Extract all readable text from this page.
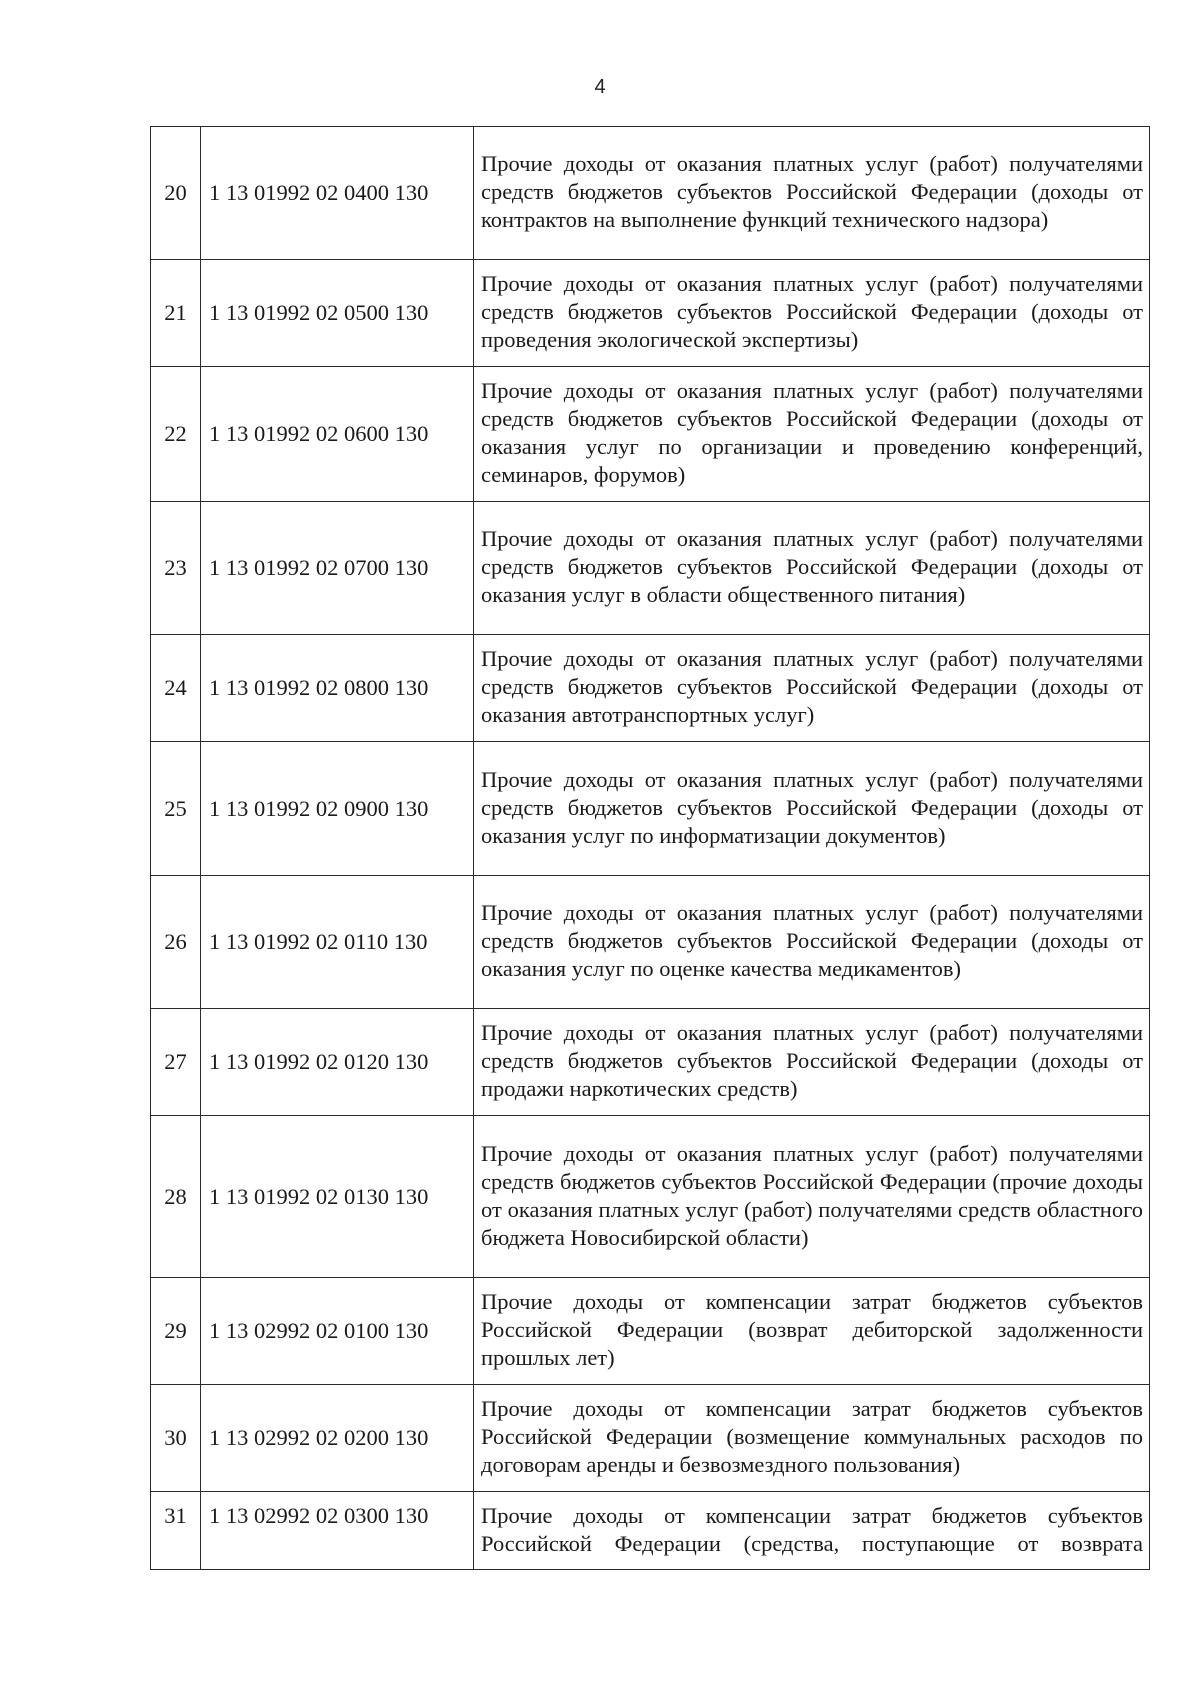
4
20	1 13 01992 02 0400 130	Прочие доходы от оказания платных услуг (работ) получателями средств бюджетов субъектов Российской Федерации (доходы от контрактов на выполнение функций технического надзора)
21	1 13 01992 02 0500 130	Прочие доходы от оказания платных услуг (работ) получателями средств бюджетов субъектов Российской Федерации (доходы от проведения экологической экспертизы)
22	1 13 01992 02 0600 130	Прочие доходы от оказания платных услуг (работ) получателями средств бюджетов субъектов Российской Федерации (доходы от оказания услуг по организации и проведению конференций, семинаров, форумов)
23	1 13 01992 02 0700 130	Прочие доходы от оказания платных услуг (работ) получателями средств бюджетов субъектов Российской Федерации (доходы от оказания услуг в области общественного питания)
24	1 13 01992 02 0800 130	Прочие доходы от оказания платных услуг (работ) получателями средств бюджетов субъектов Российской Федерации (доходы от оказания автотранспортных услуг)
25	1 13 01992 02 0900 130	Прочие доходы от оказания платных услуг (работ) получателями средств бюджетов субъектов Российской Федерации (доходы от оказания услуг по информатизации документов)
26	1 13 01992 02 0110 130	Прочие доходы от оказания платных услуг (работ) получателями средств бюджетов субъектов Российской Федерации (доходы от оказания услуг по оценке качества медикаментов)
27	1 13 01992 02 0120 130	Прочие доходы от оказания платных услуг (работ) получателями средств бюджетов субъектов Российской Федерации (доходы от продажи наркотических средств)
28	1 13 01992 02 0130 130	Прочие доходы от оказания платных услуг (работ) получателями средств бюджетов субъектов Российской Федерации (прочие доходы от оказания платных услуг (работ) получателями средств областного бюджета Новосибирской области)
29	1 13 02992 02 0100 130	Прочие доходы от компенсации затрат бюджетов субъектов Российской Федерации (возврат дебиторской задолженности прошлых лет)
30	1 13 02992 02 0200 130	Прочие доходы от компенсации затрат бюджетов субъектов Российской Федерации (возмещение коммунальных расходов по договорам аренды и безвозмездного пользования)
31	1 13 02992 02 0300 130	Прочие доходы от компенсации затрат бюджетов субъектов Российской Федерации (средства, поступающие от возврата
